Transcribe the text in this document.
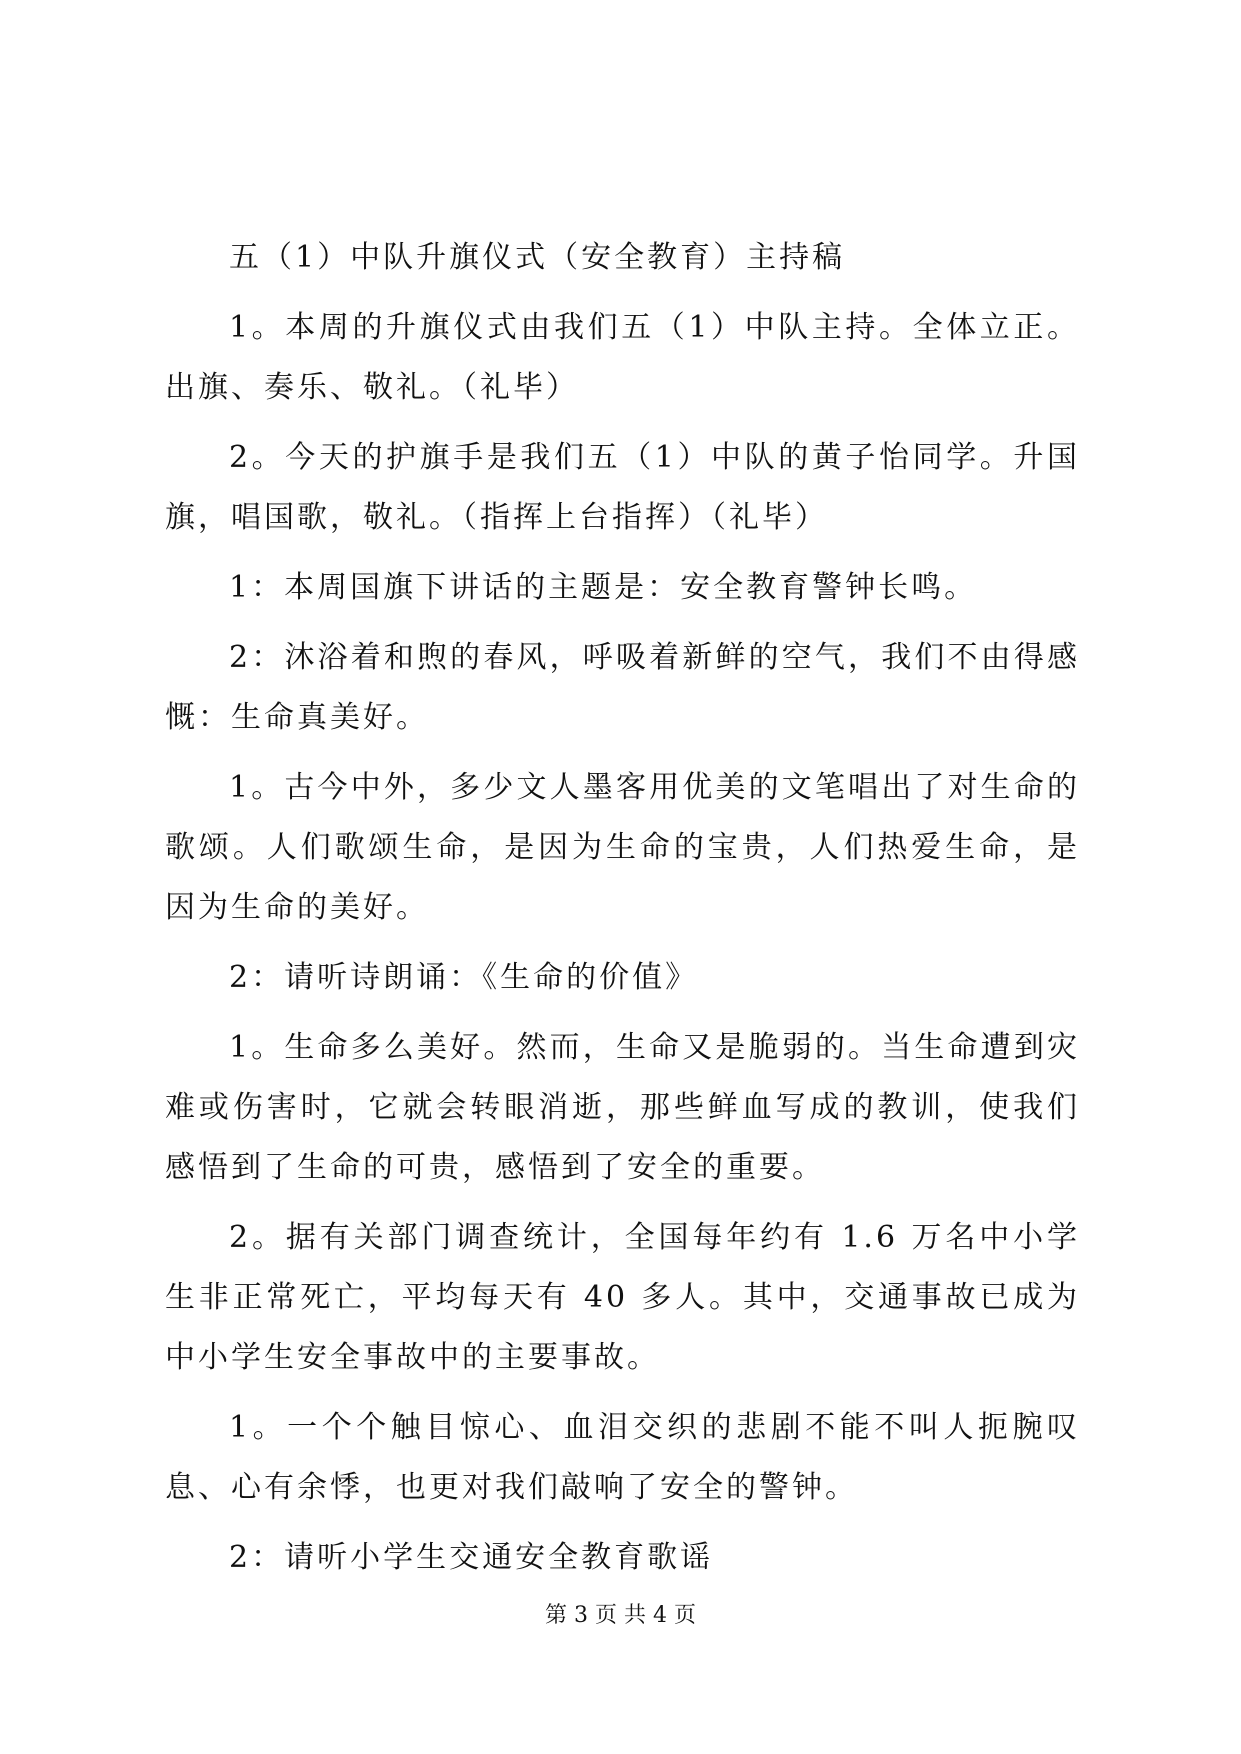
五（1）中队升旗仪式（安全教育）主持稿

1。本周的升旗仪式由我们五（1）中队主持。全体立正。出旗、奏乐、敬礼。（礼毕）

2。今天的护旗手是我们五（1）中队的黄子怡同学。升国旗，唱国歌，敬礼。（指挥上台指挥）（礼毕）

1：本周国旗下讲话的主题是：安全教育警钟长鸣。

2：沐浴着和煦的春风，呼吸着新鲜的空气，我们不由得感慨：生命真美好。

1。古今中外，多少文人墨客用优美的文笔唱出了对生命的歌颂。人们歌颂生命，是因为生命的宝贵，人们热爱生命，是因为生命的美好。

2：请听诗朗诵：《生命的价值》

1。生命多么美好。然而，生命又是脆弱的。当生命遭到灾难或伤害时，它就会转眼消逝，那些鲜血写成的教训，使我们感悟到了生命的可贵，感悟到了安全的重要。

2。据有关部门调查统计，全国每年约有 1.6 万名中小学生非正常死亡，平均每天有 40 多人。其中，交通事故已成为中小学生安全事故中的主要事故。

1。一个个触目惊心、血泪交织的悲剧不能不叫人扼腕叹息、心有余悸，也更对我们敲响了安全的警钟。

2：请听小学生交通安全教育歌谣

第 3 页 共 4 页
